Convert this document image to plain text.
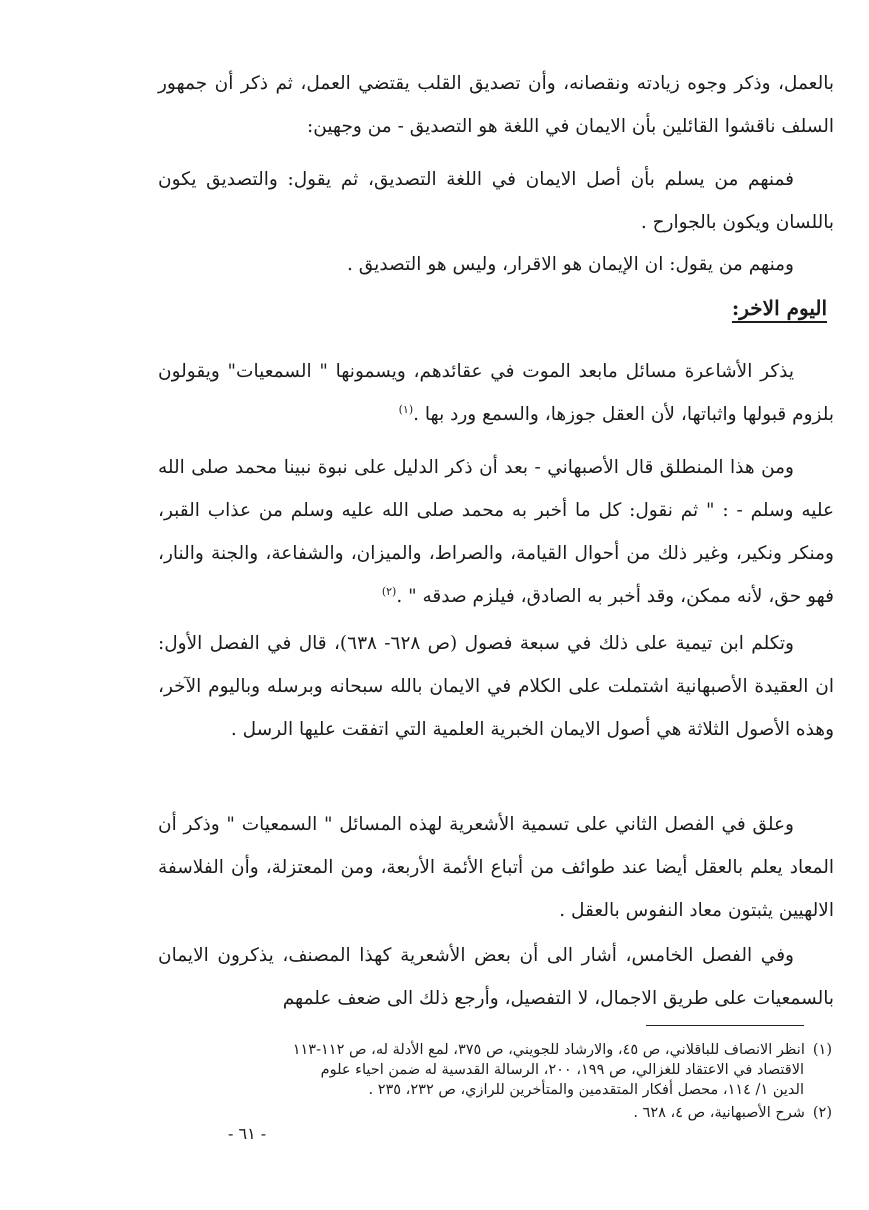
بالعمل، وذكر وجوه زيادته ونقصانه، وأن تصديق القلب يقتضي العمل، ثم ذكر أن جمهور السلف ناقشوا القائلين بأن الايمان في اللغة هو التصديق - من وجهين:

فمنهم من يسلم بأن أصل الايمان في اللغة التصديق، ثم يقول: والتصديق يكون باللسان ويكون بالجوارح .

ومنهم من يقول: ان الإيمان هو الاقرار، وليس هو التصديق .

اليوم الاخر:

يذكر الأشاعرة مسائل مابعد الموت في عقائدهم، ويسمونها " السمعيات" ويقولون بلزوم قبولها واثباتها، لأن العقل جوزها، والسمع ورد بها .$^{(١)}$

ومن هذا المنطلق قال الأصبهاني - بعد أن ذكر الدليل على نبوة نبينا محمد صلى الله عليه وسلم - : " ثم نقول: كل ما أخبر به محمد صلى الله عليه وسلم من عذاب القبر، ومنكر ونكير، وغير ذلك من أحوال القيامة، والصراط، والميزان، والشفاعة، والجنة والنار، فهو حق، لأنه ممكن، وقد أخبر به الصادق، فيلزم صدقه " .$^{(٢)}$

وتكلم ابن تيمية على ذلك في سبعة فصول (ص ٦٢٨- ٦٣٨)، قال في الفصل الأول: ان العقيدة الأصبهانية اشتملت على الكلام في الايمان بالله سبحانه وبرسله وباليوم الآخر، وهذه الأصول الثلاثة هي أصول الايمان الخبرية العلمية التي اتفقت عليها الرسل .

وعلق في الفصل الثاني على تسمية الأشعرية لهذه المسائل " السمعيات " وذكر أن المعاد يعلم بالعقل أيضا عند طوائف من أتباع الأئمة الأربعة، ومن المعتزلة، وأن الفلاسفة الالهيين يثبتون معاد النفوس بالعقل .

وفي الفصل الخامس، أشار الى أن بعض الأشعرية كهذا المصنف، يذكرون الايمان بالسمعيات على طريق الاجمال، لا التفصيل، وأرجع ذلك الى ضعف علمهم

(١)انظر الانصاف للباقلاني، ص ٤٥، والارشاد للجويني، ص ٣٧٥، لمع الأدلة له، ص ١١٢-١١٣
الاقتصاد في الاعتقاد للغزالي، ص ١٩٩، ٢٠٠، الرسالة القدسية له ضمن احياء علوم
الدين ١/ ١١٤، محصل أفكار المتقدمين والمتأخرين للرازي، ص ٢٣٢، ٢٣٥ .
(٢)شرح الأصبهانية، ص ٤، ٦٢٨ .
- ٦١ -
